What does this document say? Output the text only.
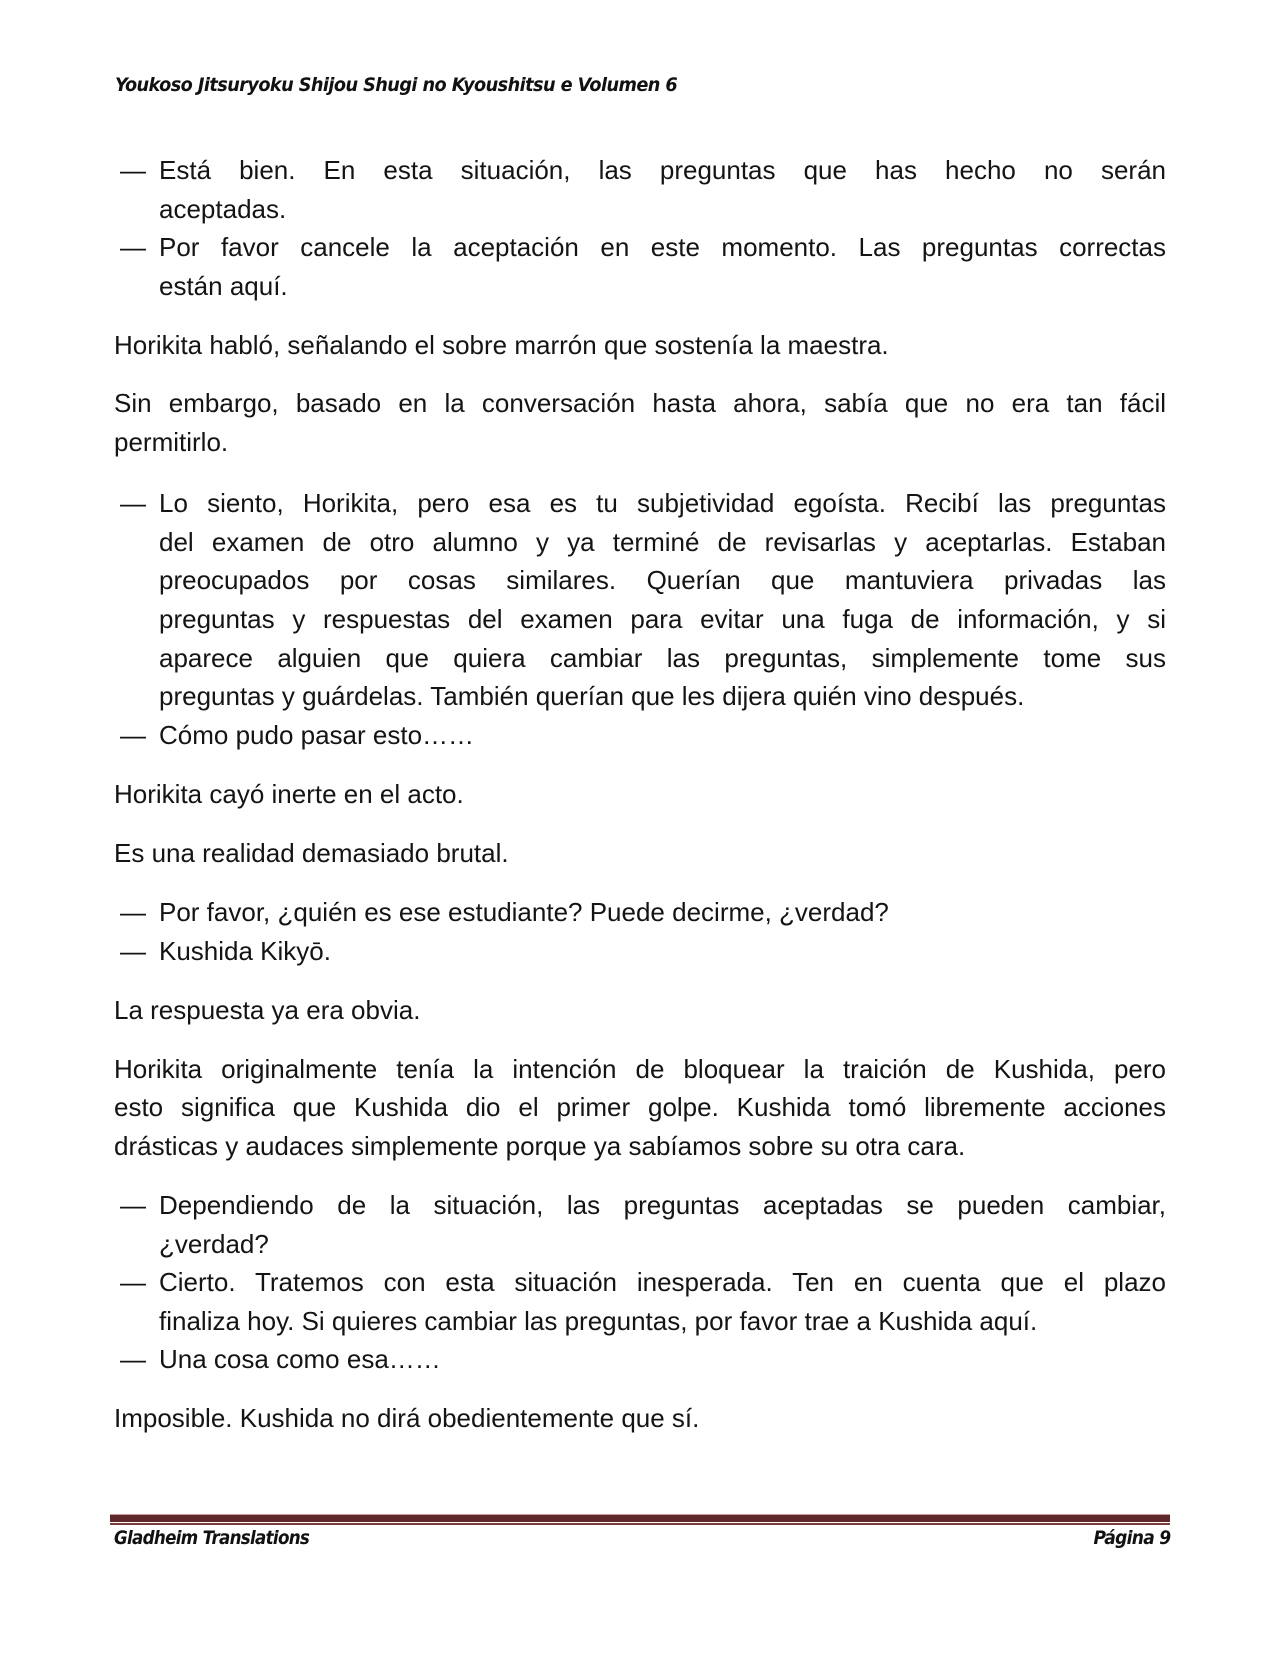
Youkoso Jitsuryoku Shijou Shugi no Kyoushitsu e Volumen 6
— Está bien. En esta situación, las preguntas que has hecho no serán
aceptadas.
— Por favor cancele la aceptación en este momento. Las preguntas correctas
están aquí.
Horikita habló, señalando el sobre marrón que sostenía la maestra.
Sin embargo, basado en la conversación hasta ahora, sabía que no era tan fácil
permitirlo.
— Lo siento, Horikita, pero esa es tu subjetividad egoísta. Recibí las preguntas
del examen de otro alumno y ya terminé de revisarlas y aceptarlas. Estaban
preocupados por cosas similares. Querían que mantuviera privadas las
preguntas y respuestas del examen para evitar una fuga de información, y si
aparece alguien que quiera cambiar las preguntas, simplemente tome sus
preguntas y guárdelas. También querían que les dijera quién vino después.
— Cómo pudo pasar esto……
Horikita cayó inerte en el acto.
Es una realidad demasiado brutal.
— Por favor, ¿quién es ese estudiante? Puede decirme, ¿verdad?
— Kushida Kikyō.
La respuesta ya era obvia.
Horikita originalmente tenía la intención de bloquear la traición de Kushida, pero
esto significa que Kushida dio el primer golpe. Kushida tomó libremente acciones
drásticas y audaces simplemente porque ya sabíamos sobre su otra cara.
— Dependiendo de la situación, las preguntas aceptadas se pueden cambiar,
¿verdad?
— Cierto. Tratemos con esta situación inesperada. Ten en cuenta que el plazo
finaliza hoy. Si quieres cambiar las preguntas, por favor trae a Kushida aquí.
— Una cosa como esa……
Imposible. Kushida no dirá obedientemente que sí.
Gladheim Translations	Página 9
